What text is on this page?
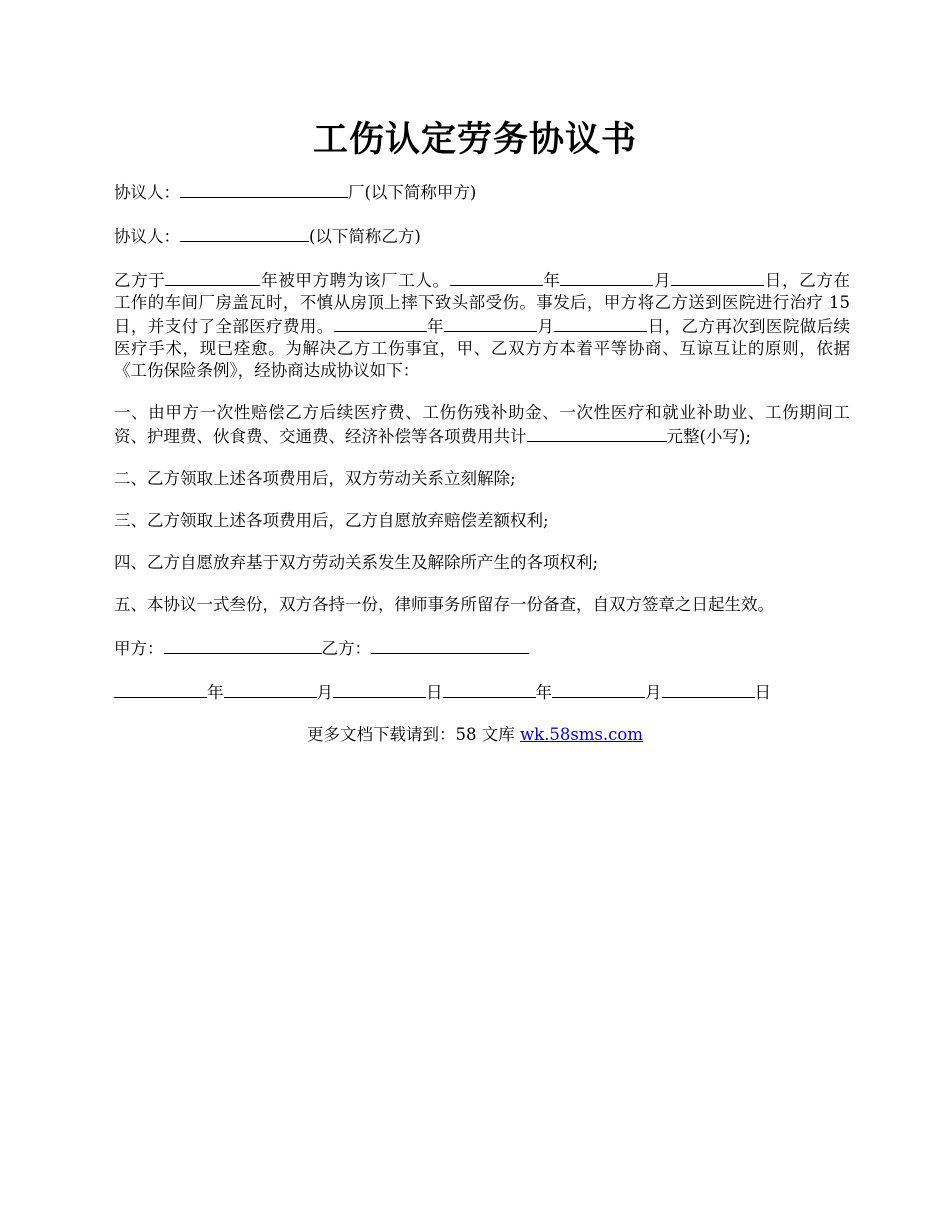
工伤认定劳务协议书

协议人：	厂(以下简称甲方)

协议人：	(以下简称乙方)

乙方于	年被甲方聘为该厂工人。	年	月	日，乙方在工作的车间厂房盖瓦时，不慎从房顶上摔下致头部受伤。事发后，甲方将乙方送到医院进行治疗 15 日，并支付了全部医疗费用。	年	月	日，乙方再次到医院做后续医疗手术，现已痊愈。为解决乙方工伤事宜，甲、乙双方方本着平等协商、互谅互让的原则，依据《工伤保险条例》，经协商达成协议如下：

一、由甲方一次性赔偿乙方后续医疗费、工伤伤残补助金、一次性医疗和就业补助业、工伤期间工资、护理费、伙食费、交通费、经济补偿等各项费用共计	元整(小写);

二、乙方领取上述各项费用后，双方劳动关系立刻解除;

三、乙方领取上述各项费用后，乙方自愿放弃赔偿差额权利;

四、乙方自愿放弃基于双方劳动关系发生及解除所产生的各项权利;

五、本协议一式叁份，双方各持一份，律师事务所留存一份备查，自双方签章之日起生效。

甲方：	乙方：

年	月	日	年	月	日

更多文档下载请到：58 文库 wk.58sms.com
